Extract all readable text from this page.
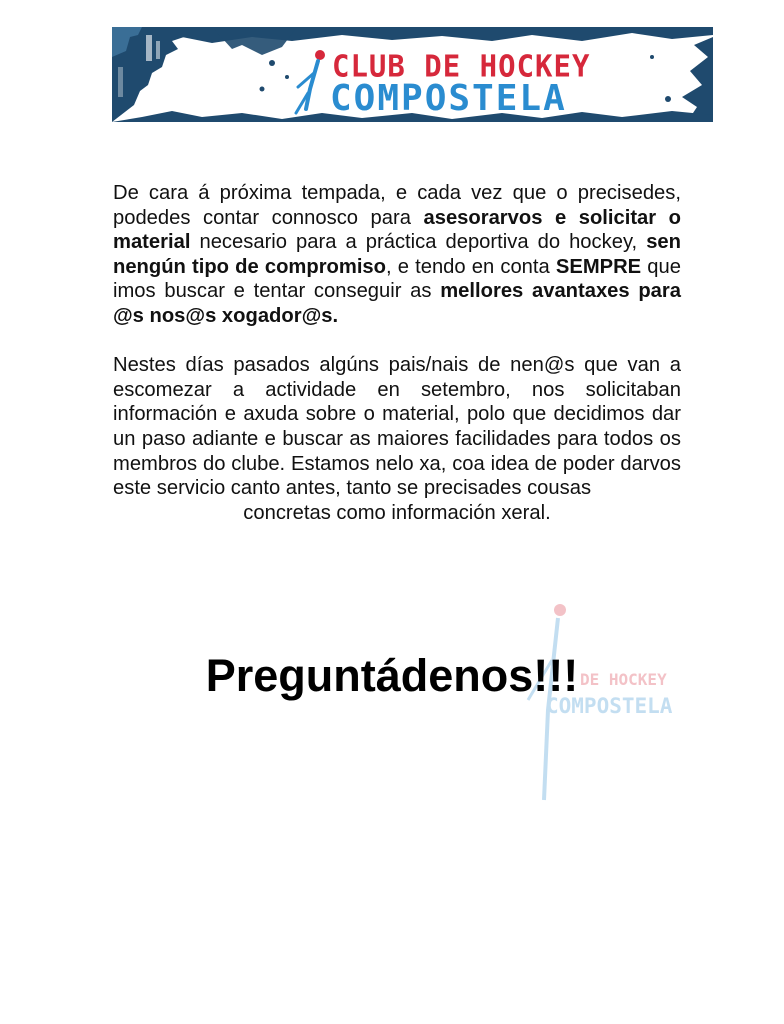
CLUB DE HOCKEY
COMPOSTELA

De cara á próxima tempada, e cada vez que o precisedes, podedes contar connosco para asesorarvos e solicitar o material necesario para a práctica deportiva do hockey, sen nengún tipo de compromiso, e tendo en conta SEMPRE que imos buscar e tentar conseguir as mellores avantaxes para @s nos@s xogador@s.

Nestes días pasados algúns pais/nais de nen@s que van a escomezar a actividade en setembro, nos solicitaban información e axuda sobre o material, polo que decidimos dar un paso adiante e buscar as maiores facilidades para todos os membros do clube. Estamos nelo xa, coa idea de poder darvos este servicio canto antes, tanto se precisades cousas

concretas como información xeral.

DE HOCKEY
COMPOSTELA
Preguntádenos!!!
